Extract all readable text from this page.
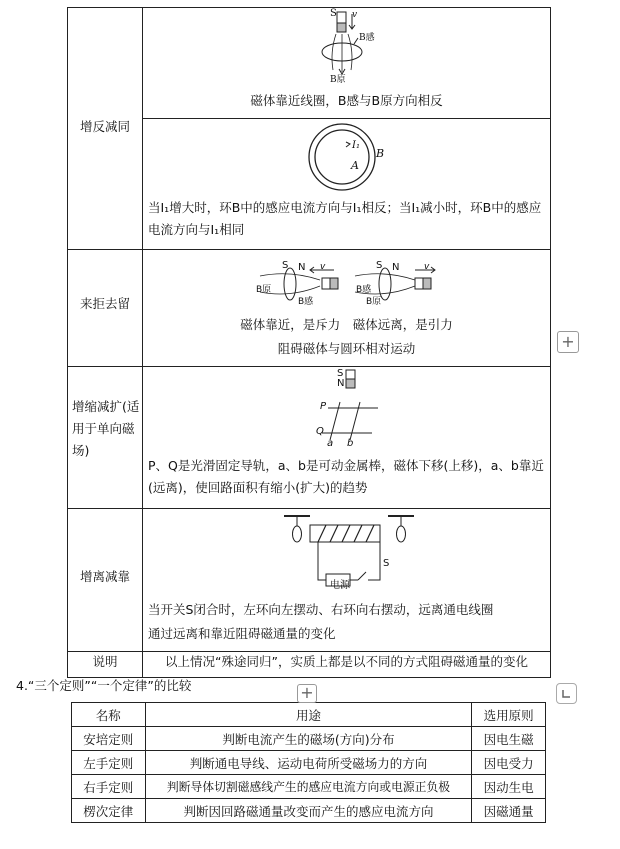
增反减同
S v
B感
B原
磁体靠近线圈，B感与B原方向相反
I₁
B
A
当I₁增大时，环B中的感应电流方向与I₁相反；当I₁减小时，环B中的感应电流方向与I₁相同
来拒去留
S N
B原
B感
v	S N
B感
B原
v
磁体靠近，是斥力　磁体远离，是引力
阻碍磁体与圆环相对运动
增缩减扩(适用于单向磁场)
S
N
P
Q
a b
P、Q是光滑固定导轨，a、b是可动金属棒，磁体下移(上移)，a、b靠近(远离)，使回路面积有缩小(扩大)的趋势
增离减靠
电源
S
当开关S闭合时，左环向左摆动、右环向右摆动，远离通电线圈
通过远离和靠近阻碍磁通量的变化
说明	以上情况“殊途同归”，实质上都是以不同的方式阻碍磁通量的变化
4.“三个定则”“一个定律”的比较
名称	用途	选用原则
安培定则	判断电流产生的磁场(方向)分布	因电生磁
左手定则	判断通电导线、运动电荷所受磁场力的方向	因电受力
右手定则	判断导体切割磁感线产生的感应电流方向或电源正负极	因动生电
楞次定律	判断因回路磁通量改变而产生的感应电流方向	因磁通量
+
+
